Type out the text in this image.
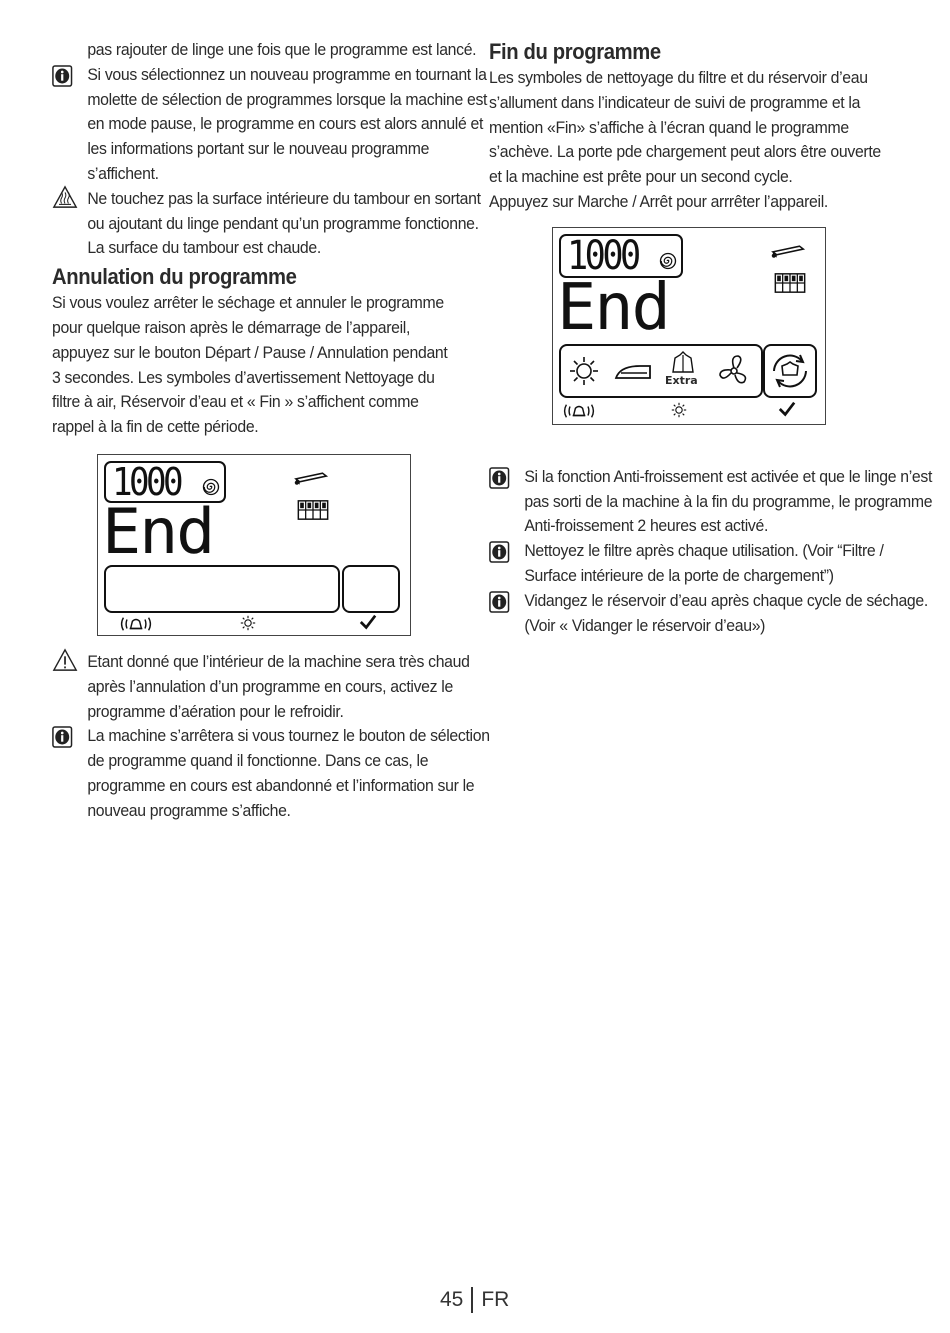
pas rajouter de linge une fois que le programme est lancé.
Si vous sélectionnez un nouveau programme en tournant la molette de sélection de programmes lorsque la machine est en mode pause, le programme en cours est alors annulé et les informations portant sur le nouveau programme s’affichent.
Ne touchez pas la surface intérieure du tambour en sortant ou ajoutant du linge pendant qu’un programme fonctionne. La surface du tambour est chaude.
Annulation du programme
Si vous voulez arrêter le séchage et annuler le programme pour quelque raison après le démarrage de l’appareil, appuyez sur le bouton Départ / Pause / Annulation pendant 3 secondes. Les symboles d’avertissement Nettoyage du filtre à air, Réservoir d’eau et « Fin » s’affichent comme rappel à la fin de cette période.
1000
End
Etant donné que l’intérieur de la machine sera très chaud après l’annulation d’un programme en cours, activez le programme d’aération pour le refroidir.
La machine s’arrêtera si vous tournez le bouton de sélection de programme quand il fonctionne. Dans ce cas, le programme en cours est abandonné et l’information sur le nouveau programme s’affiche.
Fin du programme
Les symboles de nettoyage du filtre et du réservoir d’eau s’allument dans l’indicateur de suivi de programme et la mention «Fin» s’affiche à l’écran quand le programme s’achève. La porte pde chargement peut alors être ouverte et la machine est prête pour un second cycle.
Appuyez sur Marche / Arrêt pour arrrêter l’appareil.
1000
End
Extra
Si la fonction Anti-froissement est activée et que le linge n’est pas sorti de la machine à la fin du programme, le programme Anti-froissement 2 heures est activé.
Nettoyez le filtre après chaque utilisation. (Voir “Filtre / Surface intérieure de la porte de chargement”)
Vidangez le réservoir d’eau après chaque cycle de séchage. (Voir « Vidanger le réservoir d’eau»)
45 FR
